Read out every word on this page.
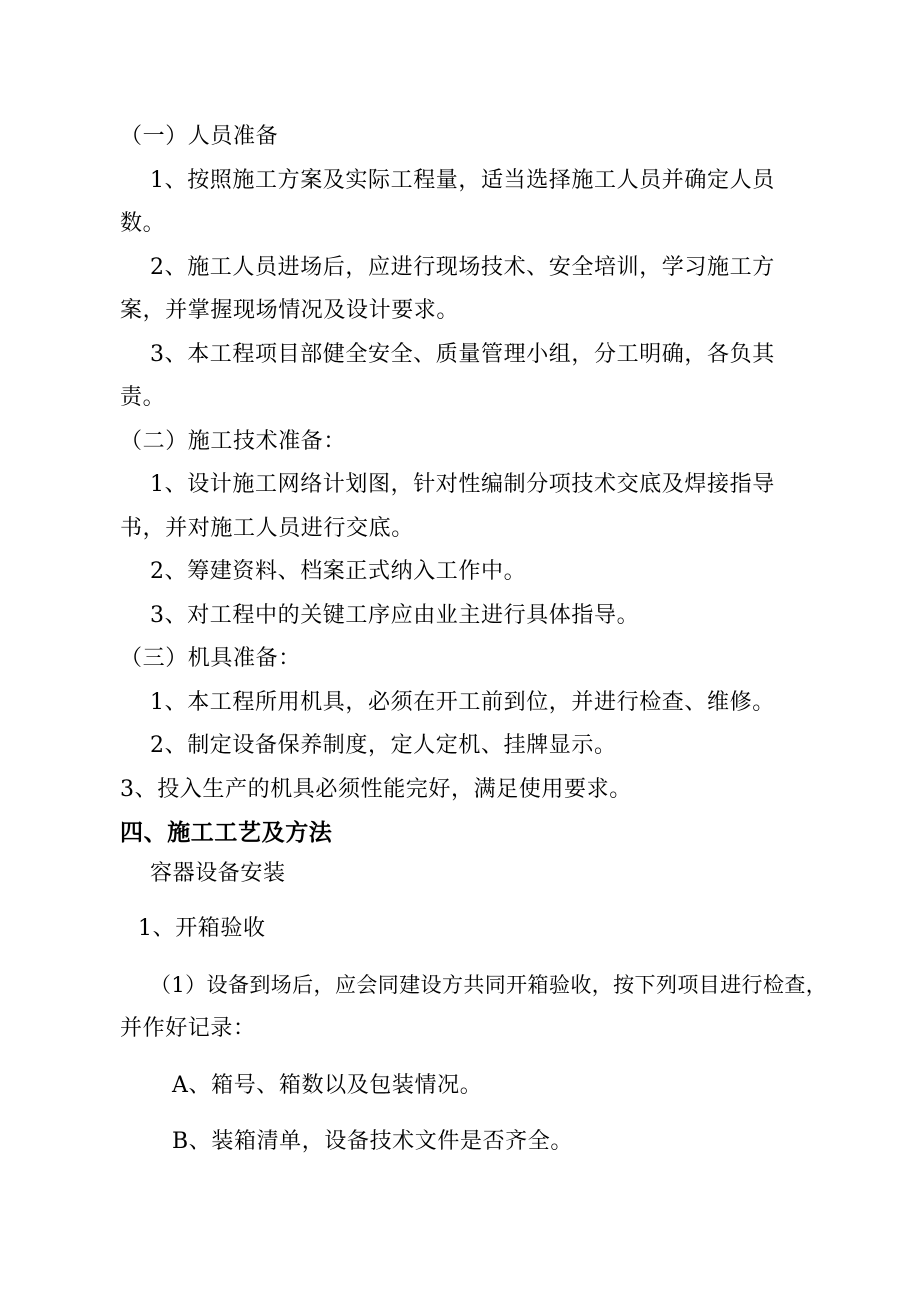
（一）人员准备
1、按照施工方案及实际工程量，适当选择施工人员并确定人员
数。
2、施工人员进场后，应进行现场技术、安全培训，学习施工方
案，并掌握现场情况及设计要求。
3、本工程项目部健全安全、质量管理小组，分工明确，各负其
责。
（二）施工技术准备：
1、设计施工网络计划图，针对性编制分项技术交底及焊接指导
书，并对施工人员进行交底。
2、筹建资料、档案正式纳入工作中。
3、对工程中的关键工序应由业主进行具体指导。
（三）机具准备：
1、本工程所用机具，必须在开工前到位，并进行检查、维修。
2、制定设备保养制度，定人定机、挂牌显示。
3、投入生产的机具必须性能完好，满足使用要求。
四、施工工艺及方法
容器设备安装
1、开箱验收
（1）设备到场后，应会同建设方共同开箱验收，按下列项目进行检查，
并作好记录：
A、箱号、箱数以及包装情况。
B、装箱清单，设备技术文件是否齐全。
